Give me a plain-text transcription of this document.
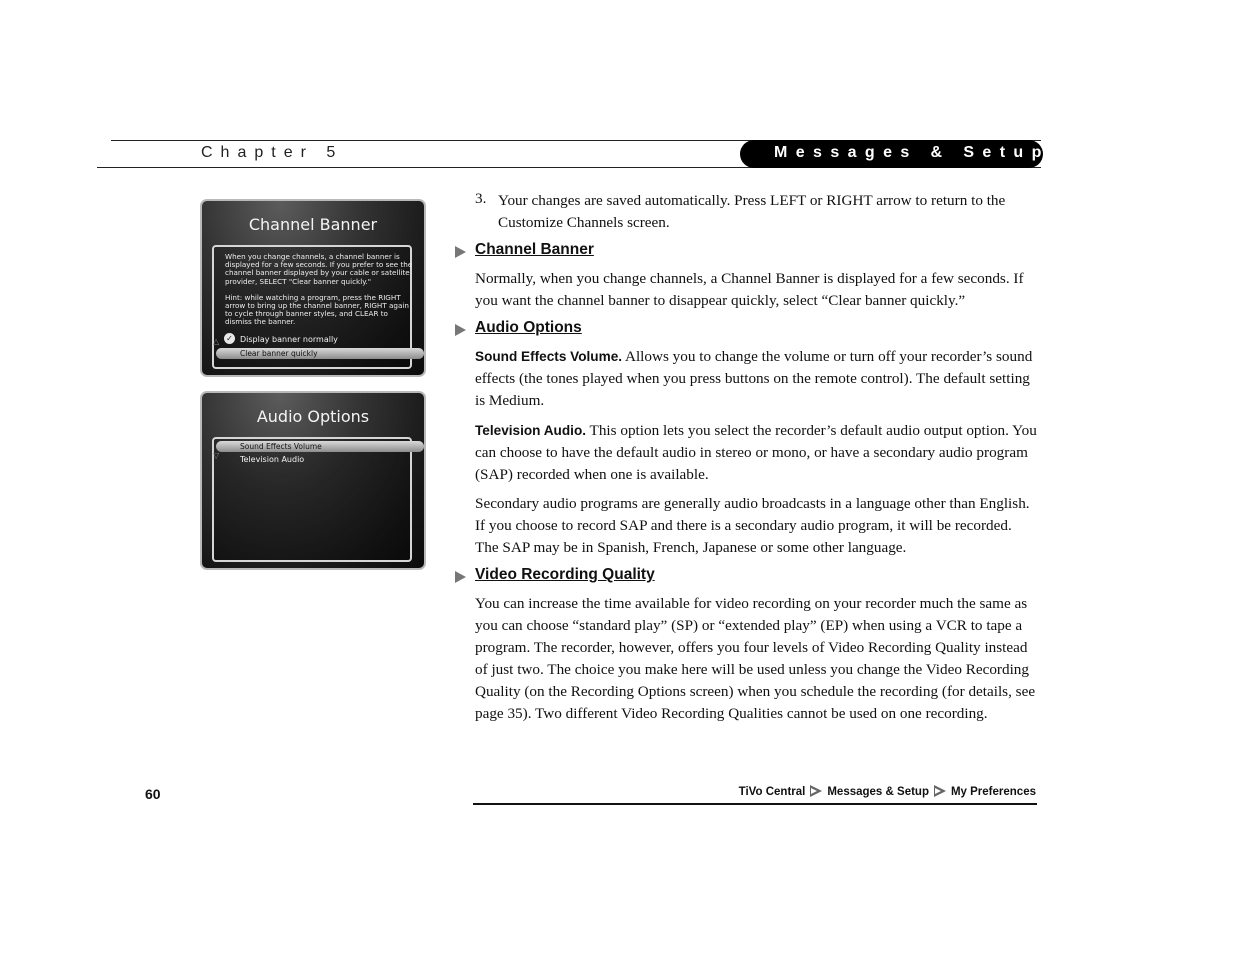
Chapter 5	Messages & Setup
Channel Banner
When you change channels, a channel banner is displayed for a few seconds. If you prefer to see the channel banner displayed by your cable or satellite provider, SELECT "Clear banner quickly."
Hint: while watching a program, press the RIGHT arrow to bring up the channel banner, RIGHT again to cycle through banner styles, and CLEAR to dismiss the banner.
△ ✓ Display banner normally
Clear banner quickly
Audio Options
Sound Effects Volume
▽	Television Audio
3. Your changes are saved automatically. Press LEFT or RIGHT arrow to return to the Customize Channels screen.
Channel Banner
Normally, when you change channels, a Channel Banner is displayed for a few seconds. If you want the channel banner to disappear quickly, select “Clear banner quickly.”
Audio Options
Sound Effects Volume. Allows you to change the volume or turn off your recorder’s sound effects (the tones played when you press buttons on the remote control). The default setting is Medium.
Television Audio. This option lets you select the recorder’s default audio output option. You can choose to have the default audio in stereo or mono, or have a secondary audio program (SAP) recorded when one is available.
Secondary audio programs are generally audio broadcasts in a language other than English. If you choose to record SAP and there is a secondary audio program, it will be recorded. The SAP may be in Spanish, French, Japanese or some other language.
Video Recording Quality
You can increase the time available for video recording on your recorder much the same as you can choose “standard play” (SP) or “extended play” (EP) when using a VCR to tape a program. The recorder, however, offers you four levels of Video Recording Quality instead of just two. The choice you make here will be used unless you change the Video Recording Quality (on the Recording Options screen) when you schedule the recording (for details, see page 35). Two different Video Recording Qualities cannot be used on one recording.
60	TiVo Central Messages & Setup My Preferences
